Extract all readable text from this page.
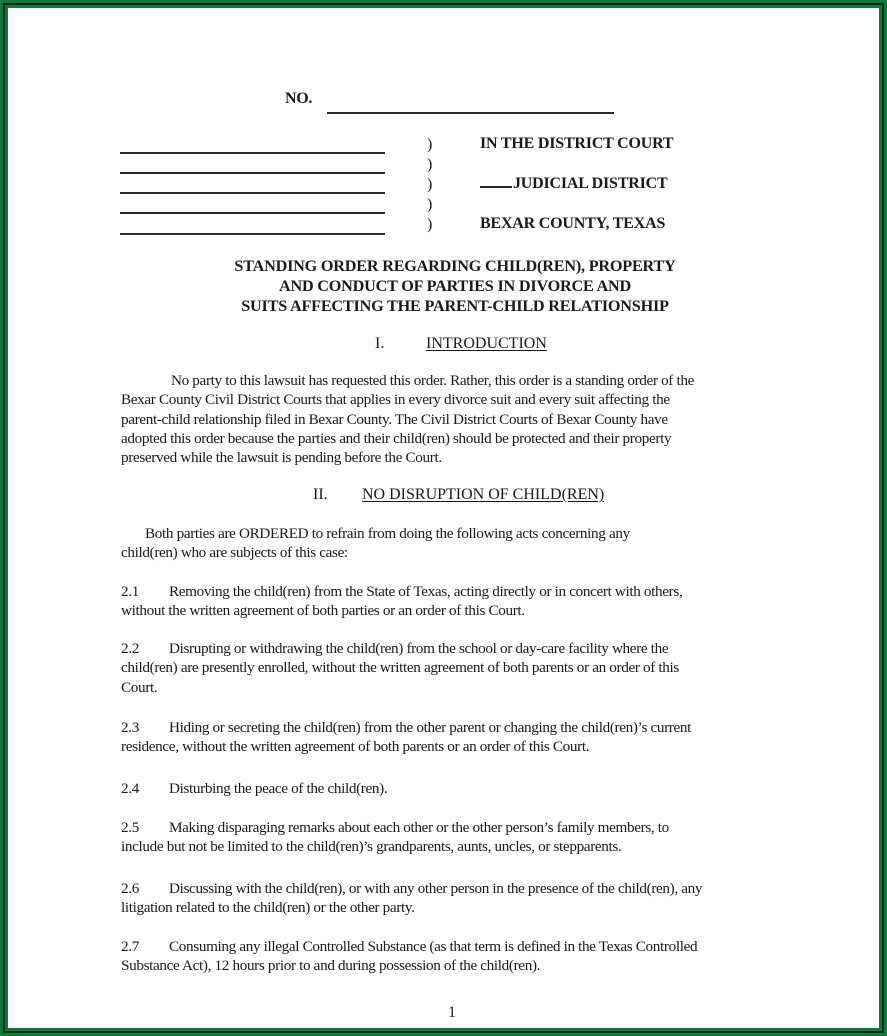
NO.
)
)
)
)
)
IN THE DISTRICT COURT
JUDICIAL DISTRICT
BEXAR COUNTY, TEXAS
STANDING ORDER REGARDING CHILD(REN), PROPERTY
AND CONDUCT OF PARTIES IN DIVORCE AND
SUITS AFFECTING THE PARENT-CHILD RELATIONSHIP
I.	INTRODUCTION
No party to this lawsuit has requested this order. Rather, this order is a standing order of the
Bexar County Civil District Courts that applies in every divorce suit and every suit affecting the
parent-child relationship filed in Bexar County. The Civil District Courts of Bexar County have
adopted this order because the parties and their child(ren) should be protected and their property
preserved while the lawsuit is pending before the Court.
II. NO DISRUPTION OF CHILD(REN)
Both parties are ORDERED to refrain from doing the following acts concerning any
child(ren) who are subjects of this case:
2.1 Removing the child(ren) from the State of Texas, acting directly or in concert with others,
without the written agreement of both parties or an order of this Court.
2.2 Disrupting or withdrawing the child(ren) from the school or day-care facility where the
child(ren) are presently enrolled, without the written agreement of both parents or an order of this
Court.
2.3 Hiding or secreting the child(ren) from the other parent or changing the child(ren)’s current
residence, without the written agreement of both parents or an order of this Court.
2.4 Disturbing the peace of the child(ren).
2.5 Making disparaging remarks about each other or the other person’s family members, to
include but not be limited to the child(ren)’s grandparents, aunts, uncles, or stepparents.
2.6 Discussing with the child(ren), or with any other person in the presence of the child(ren), any
litigation related to the child(ren) or the other party.
2.7 Consuming any illegal Controlled Substance (as that term is defined in the Texas Controlled
Substance Act), 12 hours prior to and during possession of the child(ren).
1
